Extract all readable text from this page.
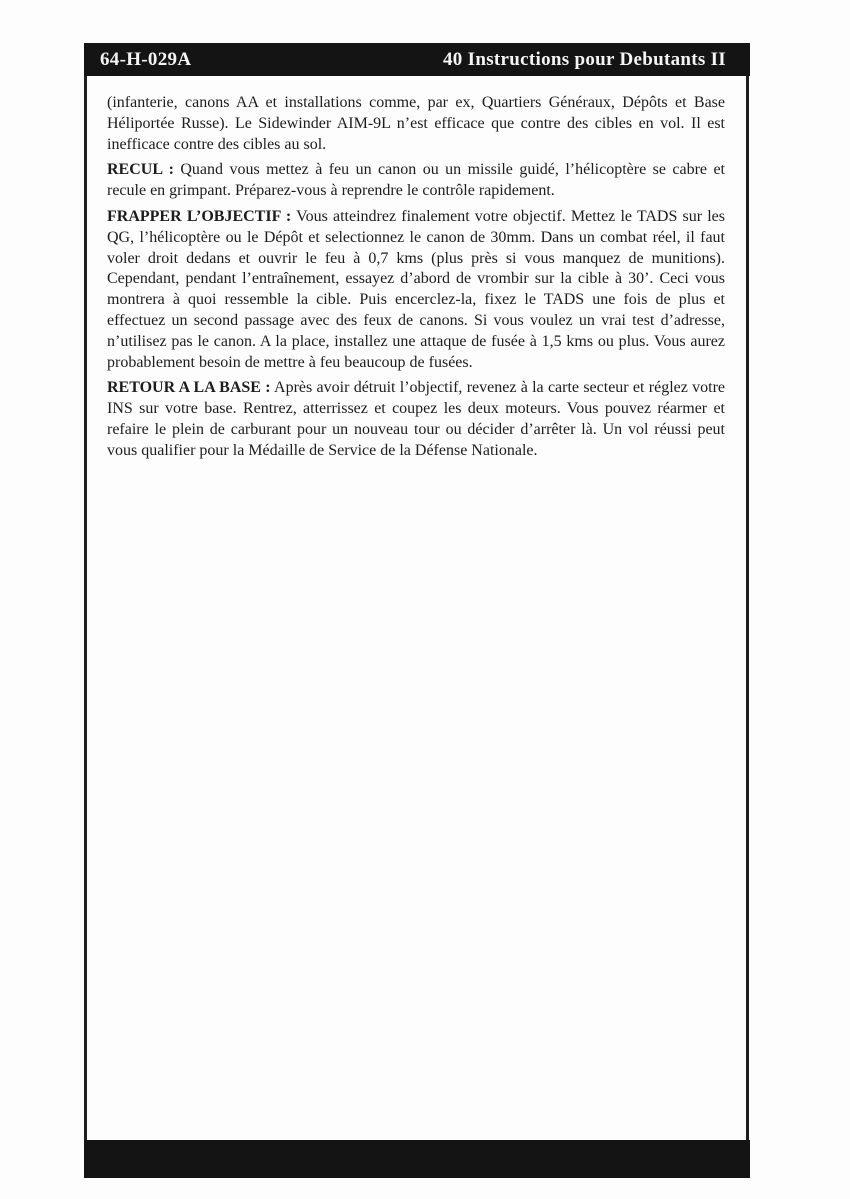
64-H-029A	40 Instructions pour Debutants II

(infanterie, canons AA et installations comme, par ex, Quartiers Généraux, Dépôts et Base Héliportée Russe). Le Sidewinder AIM-9L n’est efficace que contre des cibles en vol. Il est inefficace contre des cibles au sol.

RECUL : Quand vous mettez à feu un canon ou un missile guidé, l’hélicoptère se cabre et recule en grimpant. Préparez-vous à reprendre le contrôle rapidement.

FRAPPER L’OBJECTIF : Vous atteindrez finalement votre objectif. Mettez le TADS sur les QG, l’hélicoptère ou le Dépôt et selectionnez le canon de 30mm. Dans un combat réel, il faut voler droit dedans et ouvrir le feu à 0,7 kms (plus près si vous manquez de munitions). Cependant, pendant l’entraînement, essayez d’abord de vrombir sur la cible à 30’. Ceci vous montrera à quoi ressemble la cible. Puis encerclez-la, fixez le TADS une fois de plus et effectuez un second passage avec des feux de canons. Si vous voulez un vrai test d’adresse, n’utilisez pas le canon. A la place, installez une attaque de fusée à 1,5 kms ou plus. Vous aurez probablement besoin de mettre à feu beaucoup de fusées.

RETOUR A LA BASE : Après avoir détruit l’objectif, revenez à la carte secteur et réglez votre INS sur votre base. Rentrez, atterrissez et coupez les deux moteurs. Vous pouvez réarmer et refaire le plein de carburant pour un nouveau tour ou décider d’arrêter là. Un vol réussi peut vous qualifier pour la Médaille de Service de la Défense Nationale.
